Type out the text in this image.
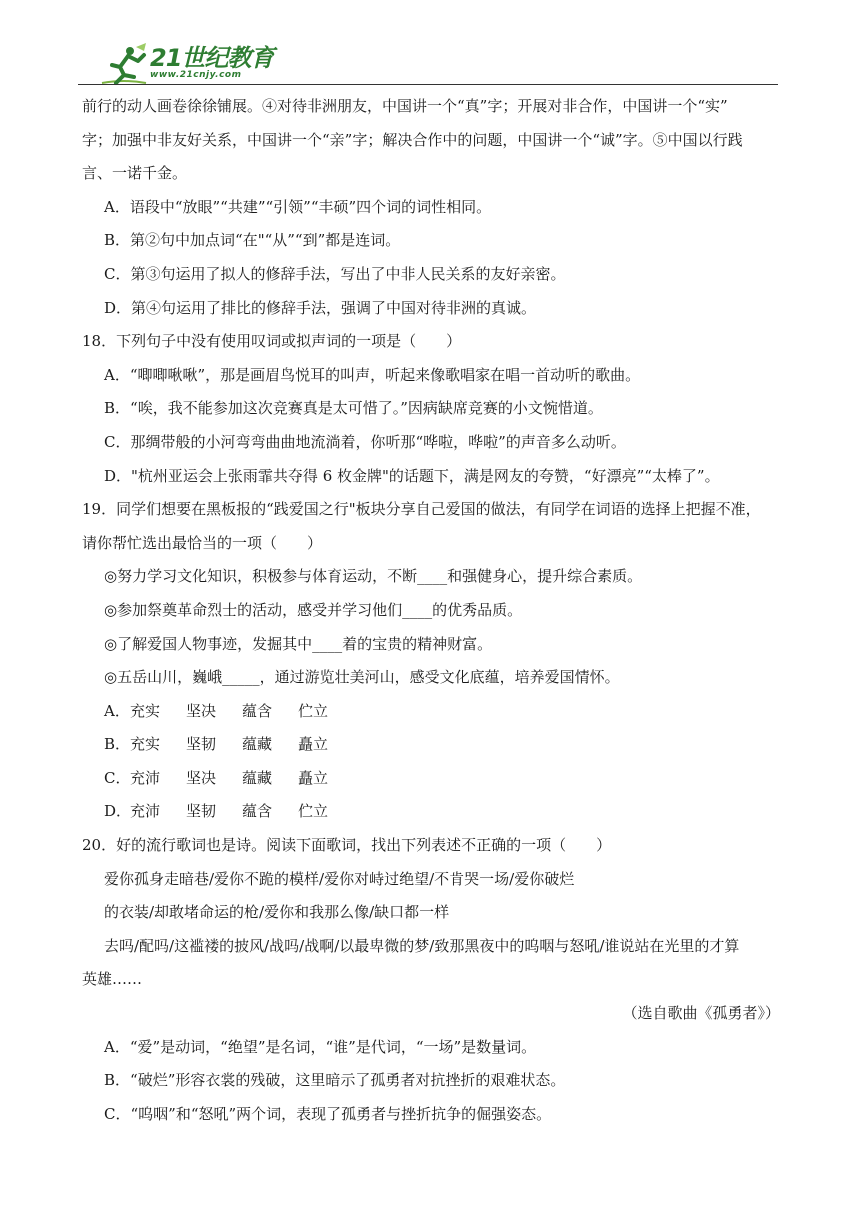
21世纪教育
www.21cnjy.com
前行的动人画卷徐徐铺展。④对待非洲朋友，中国讲一个“真”字；开展对非合作，中国讲一个“实”
字；加强中非友好关系，中国讲一个“亲”字；解决合作中的问题，中国讲一个“诚”字。⑤中国以行践
言、一诺千金。
A．语段中“放眼”“共建”“引领”“丰硕”四个词的词性相同。
B．第②句中加点词“在"“从”“到”都是连词。
C．第③句运用了拟人的修辞手法，写出了中非人民关系的友好亲密。
D．第④句运用了排比的修辞手法，强调了中国对待非洲的真诚。
18．下列句子中没有使用叹词或拟声词的一项是（　　）
A．“唧唧啾啾”，那是画眉鸟悦耳的叫声，听起来像歌唱家在唱一首动听的歌曲。
B．“唉，我不能参加这次竞赛真是太可惜了。”因病缺席竞赛的小文惋惜道。
C．那绸带般的小河弯弯曲曲地流淌着，你听那“哗啦，哗啦”的声音多么动听。
D．"杭州亚运会上张雨霏共夺得 6 枚金牌"的话题下，满是网友的夸赞，“好漂亮”“太棒了”。
19．同学们想要在黑板报的“践爱国之行"板块分享自己爱国的做法，有同学在词语的选择上把握不准，
请你帮忙选出最恰当的一项（　　）
◎努力学习文化知识，积极参与体育运动，不断____和强健身心，提升综合素质。
◎参加祭奠革命烈士的活动，感受并学习他们____的优秀品质。
◎了解爱国人物事迹，发掘其中____着的宝贵的精神财富。
◎五岳山川，巍峨_____，通过游览壮美河山，感受文化底蕴，培养爱国情怀。
A．充实 坚决 蕴含 伫立
B．充实 坚韧 蕴藏 矗立
C．充沛 坚决 蕴藏 矗立
D．充沛 坚韧 蕴含 伫立
20．好的流行歌词也是诗。阅读下面歌词，找出下列表述不正确的一项（　　）
爱你孤身走暗巷/爱你不跪的模样/爱你对峙过绝望/不肯哭一场/爱你破烂
的衣装/却敢堵命运的枪/爱你和我那么像/缺口都一样
去吗/配吗/这褴褛的披风/战吗/战啊/以最卑微的梦/致那黑夜中的呜咽与怒吼/谁说站在光里的才算
英雄……
（选自歌曲《孤勇者》）
A．“爱”是动词，“绝望”是名词，“谁”是代词，“一场”是数量词。
B．“破烂”形容衣裳的残破，这里暗示了孤勇者对抗挫折的艰难状态。
C．“呜咽”和“怒吼”两个词，表现了孤勇者与挫折抗争的倔强姿态。
